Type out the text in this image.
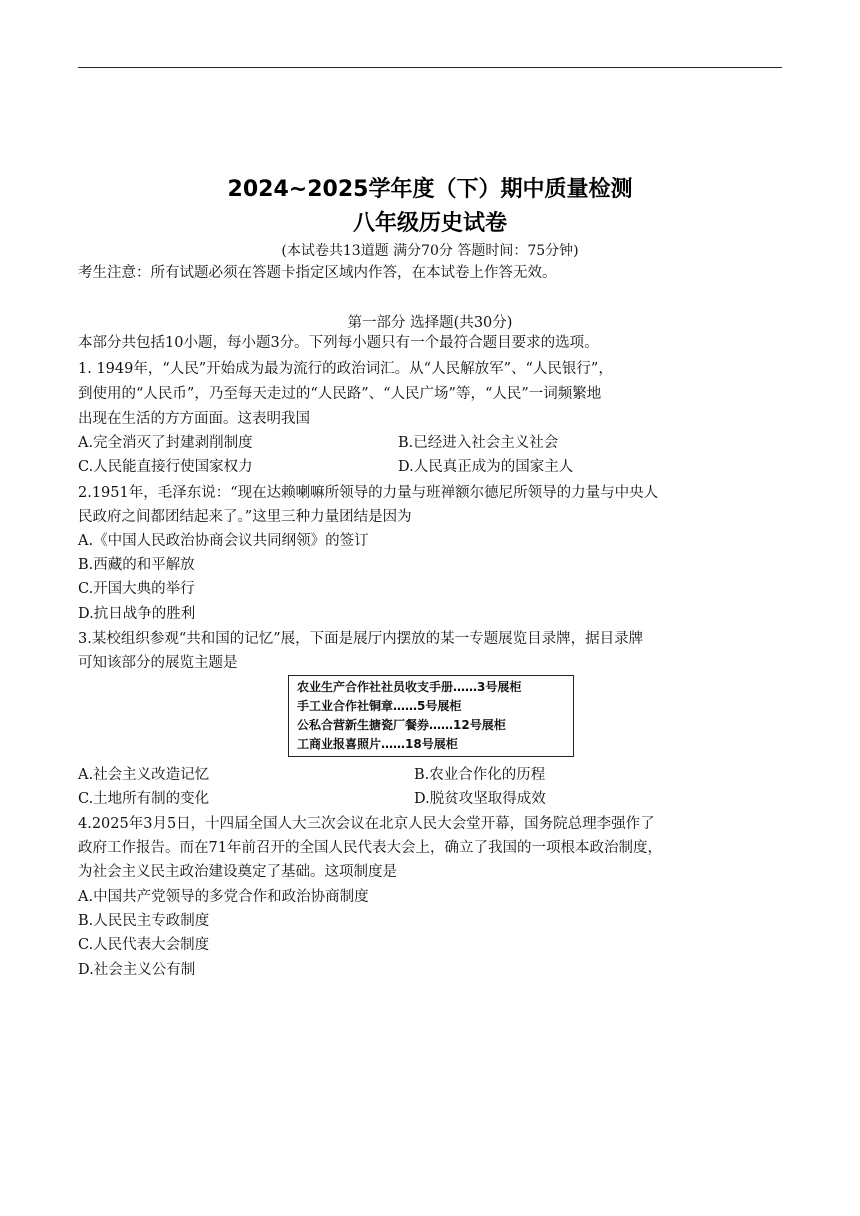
2024~2025学年度（下）期中质量检测
八年级历史试卷
(本试卷共13道题 满分70分 答题时间：75分钟)
考生注意：所有试题必须在答题卡指定区域内作答，在本试卷上作答无效。
第一部分 选择题(共30分)
本部分共包括10小题，每小题3分。下列每小题只有一个最符合题目要求的选项。
1. 1949年，“人民”开始成为最为流行的政治词汇。从“人民解放军”、“人民银行”，
到使用的“人民币”，乃至每天走过的“人民路”、“人民广场”等，“人民”一词频繁地
出现在生活的方方面面。这表明我国
A.完全消灭了封建剥削制度	B.已经进入社会主义社会
C.人民能直接行使国家权力	D.人民真正成为的国家主人
2.1951年，毛泽东说：“现在达赖喇嘛所领导的力量与班禅额尔德尼所领导的力量与中央人
民政府之间都团结起来了。”这里三种力量团结是因为
A.《中国人民政治协商会议共同纲领》的签订
B.西藏的和平解放
C.开国大典的举行
D.抗日战争的胜利
3.某校组织参观“共和国的记忆”展，下面是展厅内摆放的某一专题展览目录牌，据目录牌
可知该部分的展览主题是
农业生产合作社社员收支手册……3号展柜
手工业合作社铜章……5号展柜
公私合营新生搪瓷厂餐券……12号展柜
工商业报喜照片……18号展柜
A.社会主义改造记忆	B.农业合作化的历程
C.土地所有制的变化	D.脱贫攻坚取得成效
4.2025年3月5日，十四届全国人大三次会议在北京人民大会堂开幕，国务院总理李强作了
政府工作报告。而在71年前召开的全国人民代表大会上，确立了我国的一项根本政治制度，
为社会主义民主政治建设奠定了基础。这项制度是
A.中国共产党领导的多党合作和政治协商制度
B.人民民主专政制度
C.人民代表大会制度
D.社会主义公有制
